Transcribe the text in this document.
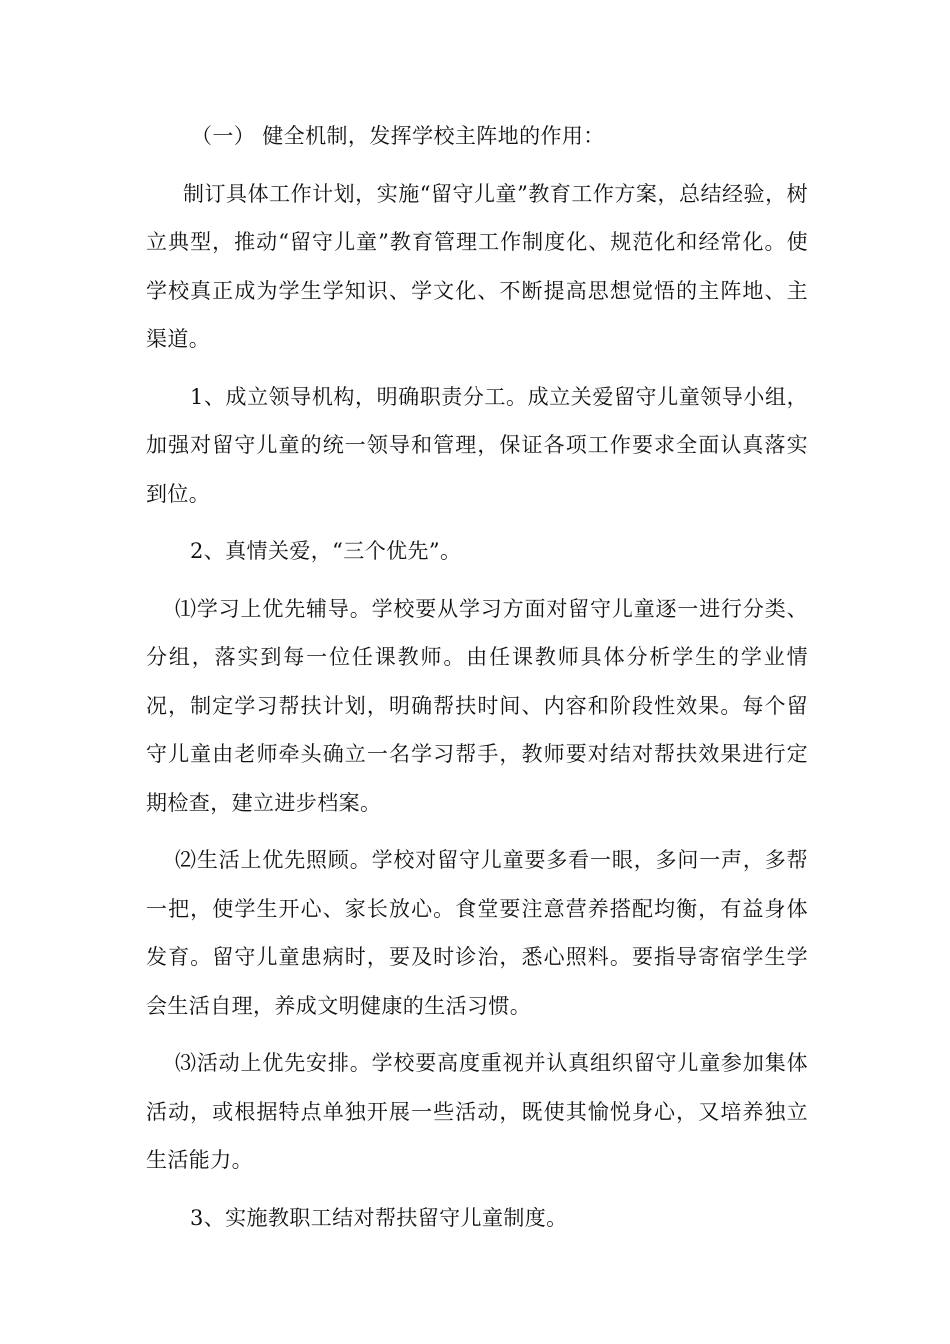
（一） 健全机制，发挥学校主阵地的作用：

制订具体工作计划，实施“留守儿童”教育工作方案，总结经验，树立典型，推动“留守儿童”教育管理工作制度化、规范化和经常化。使学校真正成为学生学知识、学文化、不断提高思想觉悟的主阵地、主渠道。

1、成立领导机构，明确职责分工。成立关爱留守儿童领导小组，加强对留守儿童的统一领导和管理，保证各项工作要求全面认真落实到位。

2、真情关爱，“三个优先”。

⑴学习上优先辅导。学校要从学习方面对留守儿童逐一进行分类、分组，落实到每一位任课教师。由任课教师具体分析学生的学业情况，制定学习帮扶计划，明确帮扶时间、内容和阶段性效果。每个留守儿童由老师牵头确立一名学习帮手，教师要对结对帮扶效果进行定期检查，建立进步档案。

⑵生活上优先照顾。学校对留守儿童要多看一眼，多问一声，多帮一把，使学生开心、家长放心。食堂要注意营养搭配均衡，有益身体发育。留守儿童患病时，要及时诊治，悉心照料。要指导寄宿学生学会生活自理，养成文明健康的生活习惯。

⑶活动上优先安排。学校要高度重视并认真组织留守儿童参加集体活动，或根据特点单独开展一些活动，既使其愉悦身心，又培养独立生活能力。

3、实施教职工结对帮扶留守儿童制度。
